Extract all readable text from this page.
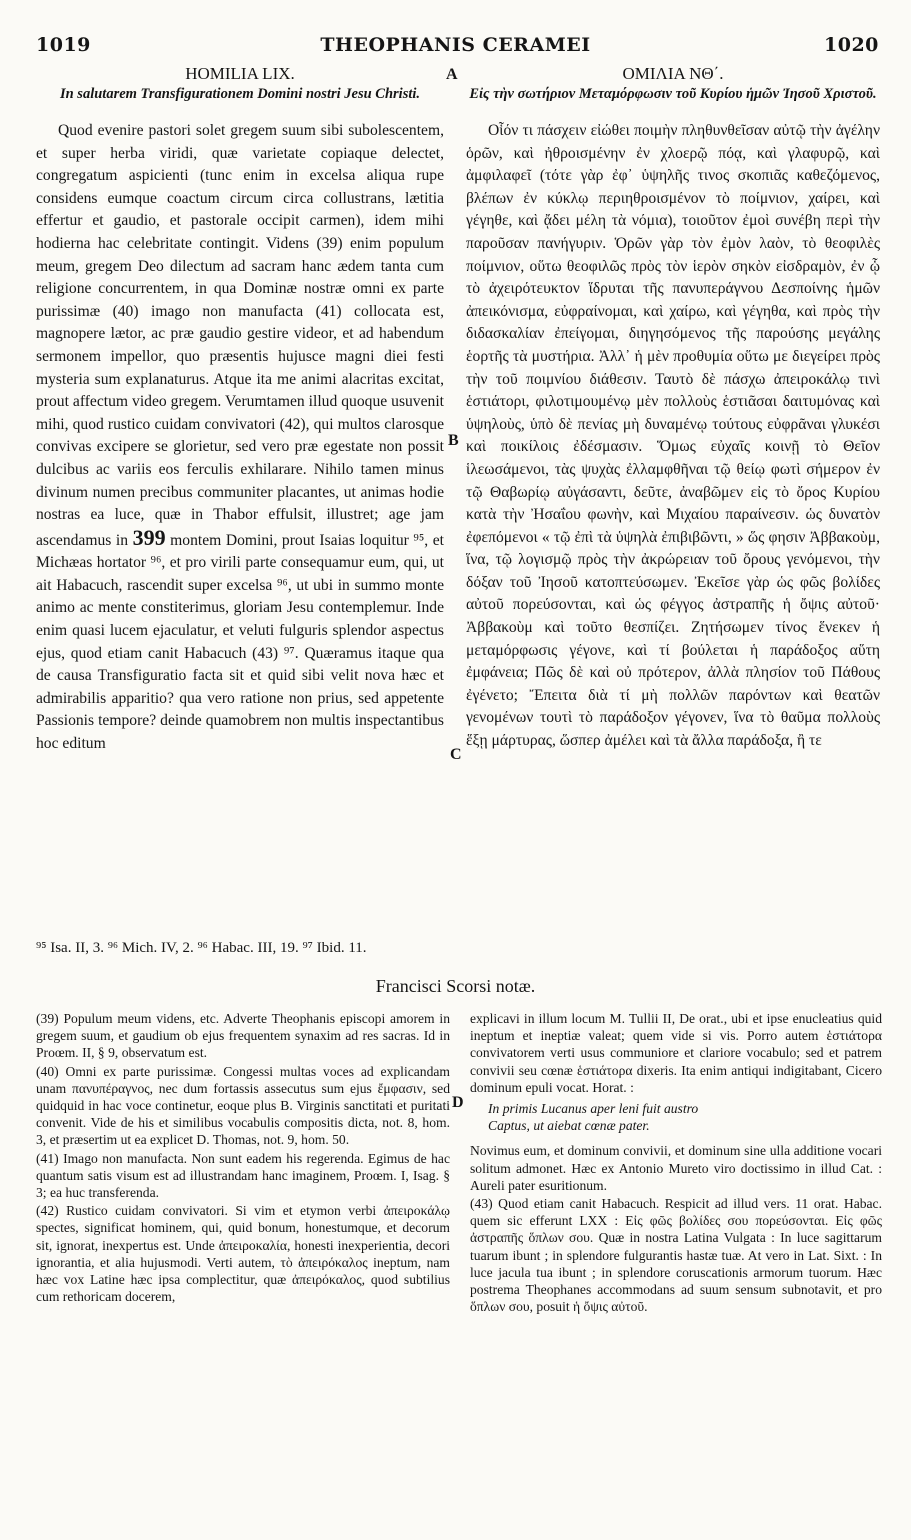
1019	THEOPHANIS CERAMEI	1020
HOMILIA LIX.
In salutarem Transfigurationem Domini nostri Jesu Christi.

Quod evenire pastori solet gregem suum sibi subolescentem, et super herba viridi, quæ varietate copiaque delectet, congregatum aspicienti (tunc enim in excelsa aliqua rupe considens eumque coactum circum circa collustrans, lætitia effertur et gaudio, et pastorale occipit carmen), idem mihi hodierna hac celebritate contingit. Videns (39) enim populum meum, gregem Deo dilectum ad sacram hanc ædem tanta cum religione concurrentem, in qua Dominæ nostræ omni ex parte purissimæ (40) imago non manufacta (41) collocata est, magnopere lætor, ac præ gaudio gestire videor, et ad habendum sermonem impellor, quo præsentis hujusce magni diei festi mysteria sum explanaturus. Atque ita me animi alacritas excitat, prout affectum video gregem. Verumtamen illud quoque usuvenit mihi, quod rustico cuidam convivatori (42), qui multos clarosque convivas excipere se glorietur, sed vero præ egestate non possit dulcibus ac variis eos ferculis exhilarare. Nihilo tamen minus divinum numen precibus communiter placantes, ut animas hodie nostras ea luce, quæ in Thabor effulsit, illustret; age jam ascendamus in 399 montem Domini, prout Isaias loquitur ⁹⁵, et Michæas hortator ⁹⁶, et pro virili parte consequamur eum, qui, ut ait Habacuch, rascendit super excelsa ⁹⁶, ut ubi in summo monte animo ac mente constiterimus, gloriam Jesu contemplemur. Inde enim quasi lucem ejaculatur, et veluti fulguris splendor aspectus ejus, quod etiam canit Habacuch (43) ⁹⁷. Quæramus itaque qua de causa Transfiguratio facta sit et quid sibi velit nova hæc et admirabilis apparitio? qua vero ratione non prius, sed appetente Passionis tempore? deinde quamobrem non multis inspectantibus hoc editum

ΟΜΙΛΙΑ ΝΘ΄.
Εἰς τὴν σωτήριον Μεταμόρφωσιν τοῦ Κυρίου ἡμῶν Ἰησοῦ Χριστοῦ.

Οἷόν τι πάσχειν εἰώθει ποιμὴν πληθυνθεῖσαν αὐτῷ τὴν ἀγέλην ὁρῶν, καὶ ἠθροισμένην ἐν χλοερῷ πόᾳ, καὶ γλαφυρῷ, καὶ ἀμφιλαφεῖ (τότε γὰρ ἐφ᾽ ὑψηλῆς τινος σκοπιᾶς καθεζόμενος, βλέπων ἐν κύκλῳ περιηθροισμένον τὸ ποίμνιον, χαίρει, καὶ γέγηθε, καὶ ᾄδει μέλη τὰ νόμια), τοιοῦτον ἐμοὶ συνέβη περὶ τὴν παροῦσαν πανήγυριν. Ὁρῶν γὰρ τὸν ἐμὸν λαὸν, τὸ θεοφιλὲς ποίμνιον, οὕτω θεοφιλῶς πρὸς τὸν ἱερὸν σηκὸν εἰσδραμὸν, ἐν ᾧ τὸ ἀχειρότευκτον ἵδρυται τῆς πανυπεράγνου Δεσποίνης ἡμῶν ἀπεικόνισμα, εὐφραίνομαι, καὶ χαίρω, καὶ γέγηθα, καὶ πρὸς τὴν διδασκαλίαν ἐπείγομαι, διηγησόμενος τῆς παρούσης μεγάλης ἑορτῆς τὰ μυστήρια. Ἀλλ᾽ ἡ μὲν προθυμία οὕτω με διεγείρει πρὸς τὴν τοῦ ποιμνίου διάθεσιν. Ταυτὸ δὲ πάσχω ἀπειροκάλῳ τινὶ ἑστιάτορι, φιλοτιμουμένῳ μὲν πολλοὺς ἑστιᾶσαι δαιτυμόνας καὶ ὑψηλοὺς, ὑπὸ δὲ πενίας μὴ δυναμένῳ τούτους εὐφρᾶναι γλυκέσι καὶ ποικίλοις ἐδέσμασιν. Ὅμως εὐχαῖς κοινῇ τὸ Θεῖον ἱλεωσάμενοι, τὰς ψυχὰς ἐλλαμφθῆναι τῷ θείῳ φωτὶ σήμερον ἐν τῷ Θαβωρίῳ αὐγάσαντι, δεῦτε, ἀναβῶμεν εἰς τὸ ὄρος Κυρίου κατὰ τὴν Ἠσαΐου φωνὴν, καὶ Μιχαίου παραίνεσιν. ὡς δυνατὸν ἐφεπόμενοι « τῷ ἐπὶ τὰ ὑψηλὰ ἐπιβιβῶντι, » ὥς φησιν Ἀββακοὺμ, ἵνα, τῷ λογισμῷ πρὸς τὴν ἀκρώρειαν τοῦ ὄρους γενόμενοι, τὴν δόξαν τοῦ Ἰησοῦ κατοπτεύσωμεν. Ἐκεῖσε γὰρ ὡς φῶς βολίδες αὐτοῦ πορεύσονται, καὶ ὡς φέγγος ἀστραπῆς ἡ ὄψις αὐτοῦ· Ἀββακοὺμ καὶ τοῦτο θεσπίζει. Ζητήσωμεν τίνος ἕνεκεν ἡ μεταμόρφωσις γέγονε, καὶ τί βούλεται ἡ παράδοξος αὕτη ἐμφάνεια; Πῶς δὲ καὶ οὐ πρότερον, ἀλλὰ πλησίον τοῦ Πάθους ἐγένετο; Ἔπειτα διὰ τί μὴ πολλῶν παρόντων καὶ θεατῶν γενομένων τουτὶ τὸ παράδοξον γέγονεν, ἵνα τὸ θαῦμα πολλοὺς ἕξῃ μάρτυρας, ὥσπερ ἀμέλει καὶ τὰ ἄλλα παράδοξα, ἢ τε

A
B
C
D
⁹⁵ Isa. II, 3. ⁹⁶ Mich. IV, 2. ⁹⁶ Habac. III, 19. ⁹⁷ Ibid. 11.
Francisci Scorsi notæ.

(39) Populum meum videns, etc. Adverte Theophanis episcopi amorem in gregem suum, et gaudium ob ejus frequentem synaxim ad res sacras. Id in Proœm. II, § 9, observatum est.

(40) Omni ex parte purissimæ. Congessi multas voces ad explicandam unam πανυπέραγνος, nec dum fortassis assecutus sum ejus ἔμφασιν, sed quidquid in hac voce continetur, eoque plus B. Virginis sanctitati et puritati convenit. Vide de his et similibus vocabulis compositis dicta, not. 8, hom. 3, et præsertim ut ea explicet D. Thomas, not. 9, hom. 50.

(41) Imago non manufacta. Non sunt eadem his regerenda. Egimus de hac quantum satis visum est ad illustrandam hanc imaginem, Proœm. I, Isag. § 3; ea huc transferenda.

(42) Rustico cuidam convivatori. Si vim et etymon verbi ἀπειροκάλῳ spectes, significat hominem, qui, quid bonum, honestumque, et decorum sit, ignorat, inexpertus est. Unde ἀπειροκαλία, honesti inexperientia, decori ignorantia, et alia hujusmodi. Verti autem, τὸ ἀπειρόκαλος ineptum, nam hæc vox Latine hæc ipsa complectitur, quæ ἀπειρόκαλος, quod subtilius cum rethoricam docerem,

explicavi in illum locum M. Tullii II, De orat., ubi et ipse enucleatius quid ineptum et ineptiæ valeat; quem vide si vis. Porro autem ἑστιάτορα convivatorem verti usus communiore et clariore vocabulo; sed et patrem convivii seu cœnæ ἑστιάτορα dixeris. Ita enim antiqui indigitabant, Cicero dominum epuli vocat. Horat. :

In primis Lucanus aper leni fuit austro
Captus, ut aiebat cœnæ pater.

Novimus eum, et dominum convivii, et dominum sine ulla additione vocari solitum admonet. Hæc ex Antonio Mureto viro doctissimo in illud Cat. : Aureli pater esuritionum.

(43) Quod etiam canit Habacuch. Respicit ad illud vers. 11 orat. Habac. quem sic efferunt LXX : Εἰς φῶς βολίδες σου πορεύσονται. Εἰς φῶς ἀστραπῆς ὅπλων σου. Quæ in nostra Latina Vulgata : In luce sagittarum tuarum ibunt ; in splendore fulgurantis hastæ tuæ. At vero in Lat. Sixt. : In luce jacula tua ibunt ; in splendore coruscationis armorum tuorum. Hæc postrema Theophanes accommodans ad suum sensum subnotavit, et pro ὅπλων σου, posuit ἡ ὄψις αὐτοῦ.
